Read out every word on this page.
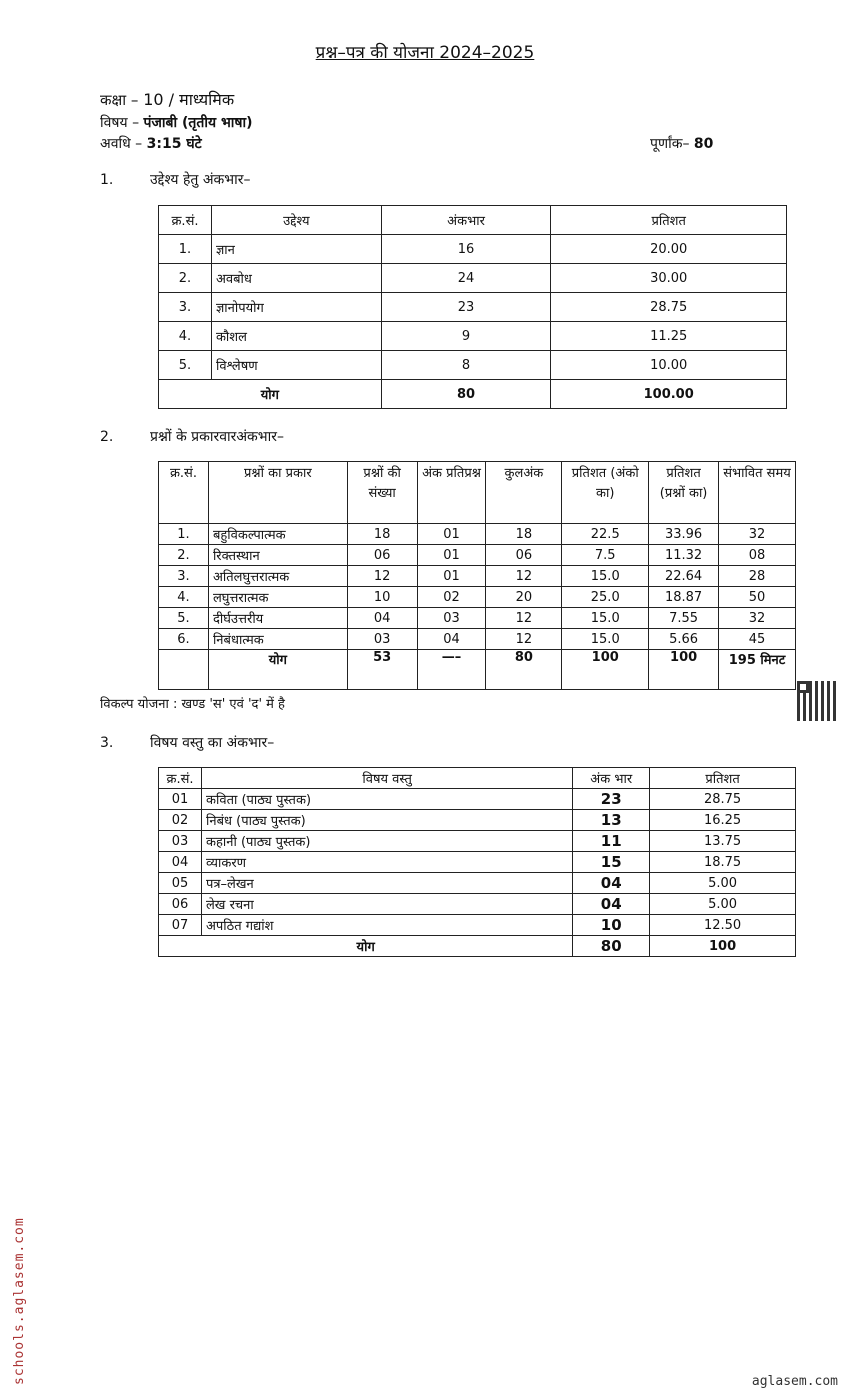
प्रश्न–पत्र की योजना 2024–2025
कक्षा – 10 / माध्यमिक
विषय – पंजाबी (तृतीय भाषा)
अवधि – 3:15 घंटे	पूर्णांक– 80
1.	उद्देश्य हेतु अंकभार–
क्र.सं.	उद्देश्य	अंकभार	प्रतिशत
1.	ज्ञान	16	20.00
2.	अवबोध	24	30.00
3.	ज्ञानोपयोग	23	28.75
4.	कौशल	9	11.25
5.	विश्लेषण	8	10.00
योग		80	100.00
2.	प्रश्नों के प्रकारवारअंकभार–
क्र.सं.	प्रश्नों का प्रकार	प्रश्नों की संख्या	अंक प्रतिप्रश्न	कुलअंक	प्रतिशत (अंको का)	प्रतिशत (प्रश्नों का)	संभावित समय
1.	बहुविकल्पात्मक	18	01	18	22.5	33.96	32
2.	रिक्तस्थान	06	01	06	7.5	11.32	08
3.	अतिलघुत्तरात्मक	12	01	12	15.0	22.64	28
4.	लघुत्तरात्मक	10	02	20	25.0	18.87	50
5.	दीर्घउत्तरीय	04	03	12	15.0	7.55	32
6.	निबंधात्मक	03	04	12	15.0	5.66	45
	योग	53	—–	80	100	100	195 मिनट
विकल्प योजना : खण्ड 'स' एवं 'द' में है
3.	विषय वस्तु का अंकभार–
क्र.सं.	विषय वस्तु	अंक भार	प्रतिशत
01	कविता (पाठ्य पुस्तक)	23	28.75
02	निबंध (पाठ्य पुस्तक)	13	16.25
03	कहानी (पाठ्य पुस्तक)	11	13.75
04	व्याकरण	15	18.75
05	पत्र–लेखन	04	5.00
06	लेख रचना	04	5.00
07	अपठित गद्यांश	10	12.50
योग		80	100
schools.aglasem.com	aglasem.com
